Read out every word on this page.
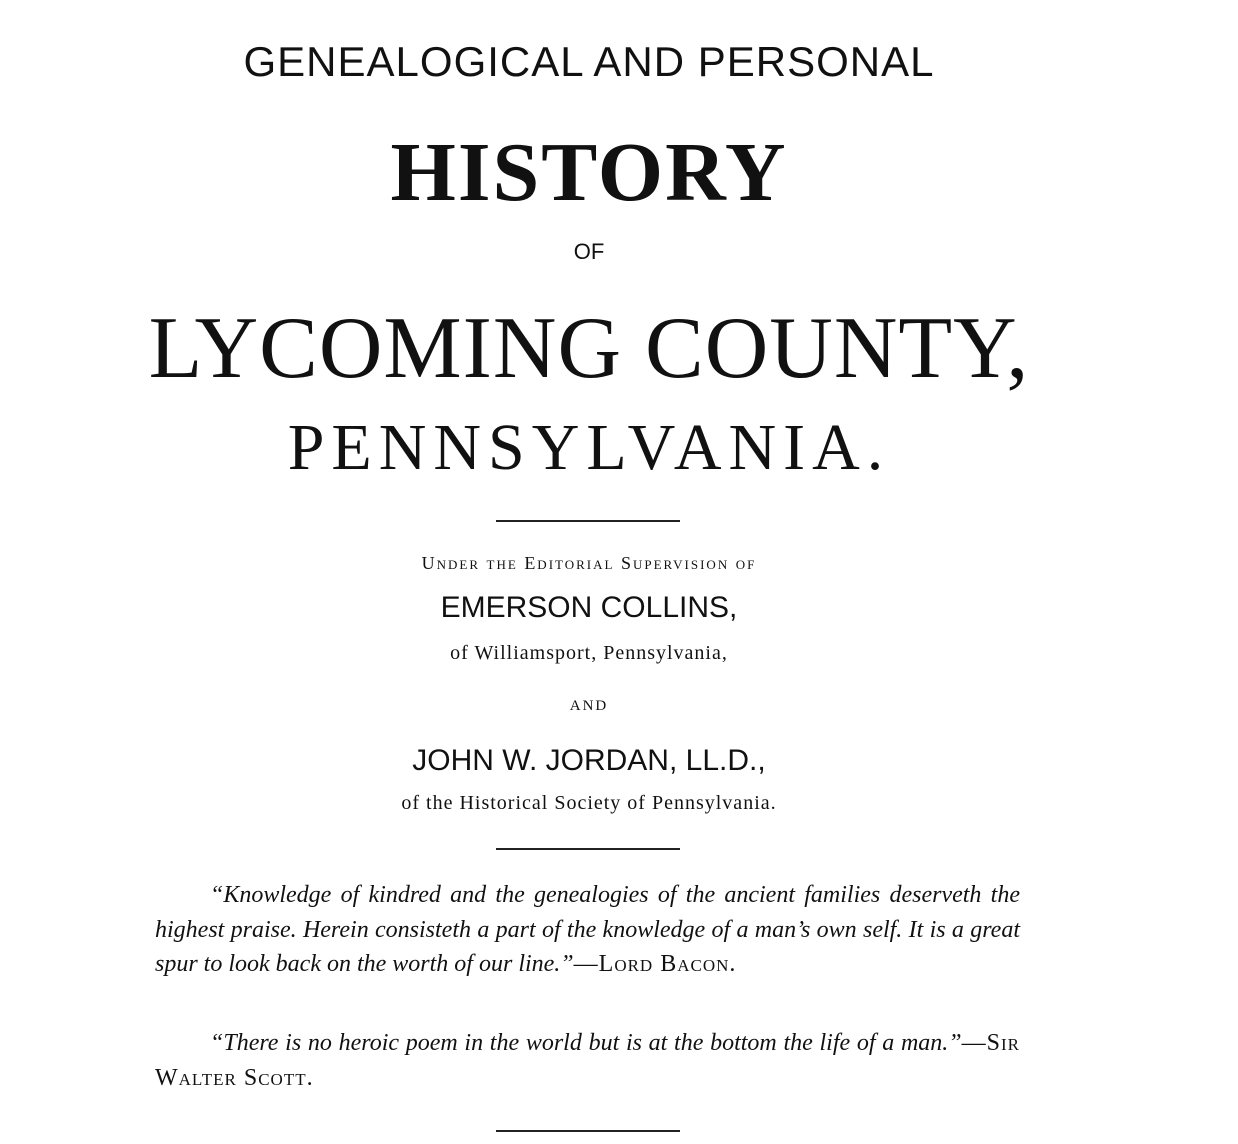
GENEALOGICAL AND PERSONAL
HISTORY
OF
LYCOMING COUNTY,
PENNSYLVANIA.
Under the Editorial Supervision of
EMERSON COLLINS,
of Williamsport, Pennsylvania,
AND
JOHN W. JORDAN, LL.D.,
of the Historical Society of Pennsylvania.
“Knowledge of kindred and the genealogies of the ancient families deserveth the highest praise. Herein consisteth a part of the knowledge of a man’s own self. It is a great spur to look back on the worth of our line.”—Lord Bacon.
“There is no heroic poem in the world but is at the bottom the life of a man.”—Sir Walter Scott.
